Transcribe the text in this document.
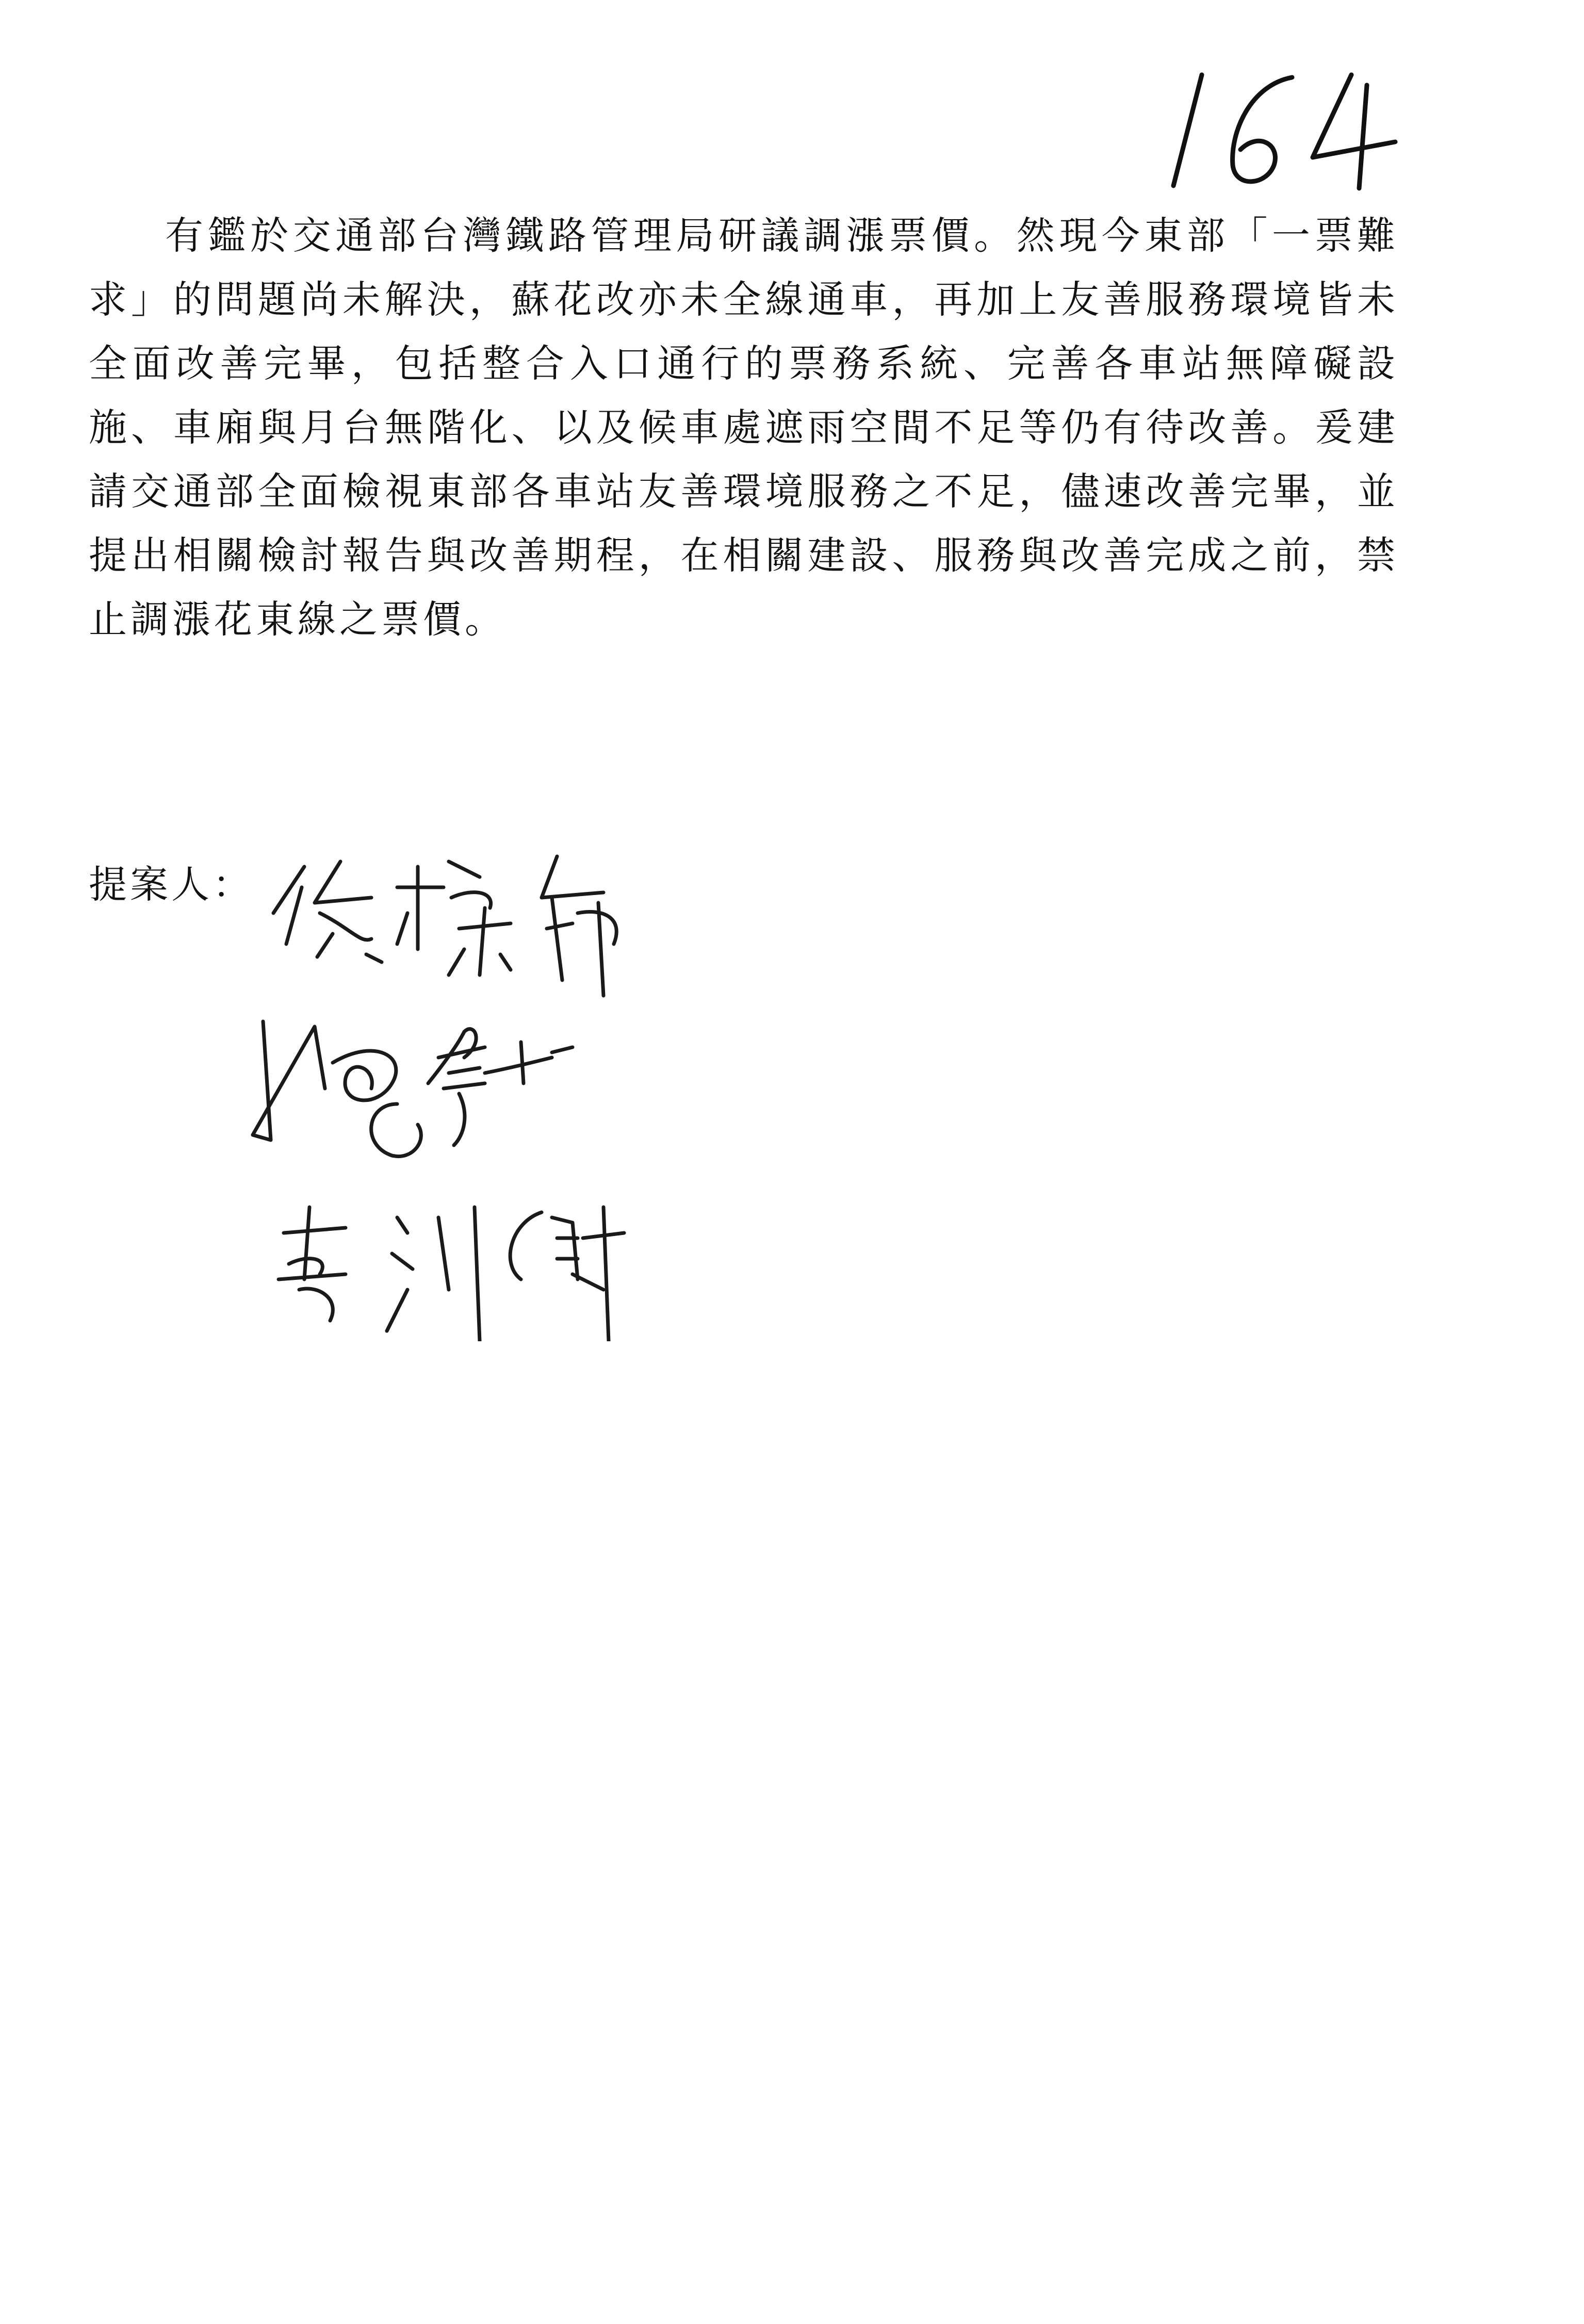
有鑑於交通部台灣鐵路管理局研議調漲票價。然現今東部「一票難求」的問題尚未解決，蘇花改亦未全線通車，再加上友善服務環境皆未全面改善完畢，包括整合入口通行的票務系統、完善各車站無障礙設施、車廂與月台無階化、以及候車處遮雨空間不足等仍有待改善。爰建請交通部全面檢視東部各車站友善環境服務之不足，儘速改善完畢，並提出相關檢討報告與改善期程，在相關建設、服務與改善完成之前，禁止調漲花東線之票價。

提案人：
